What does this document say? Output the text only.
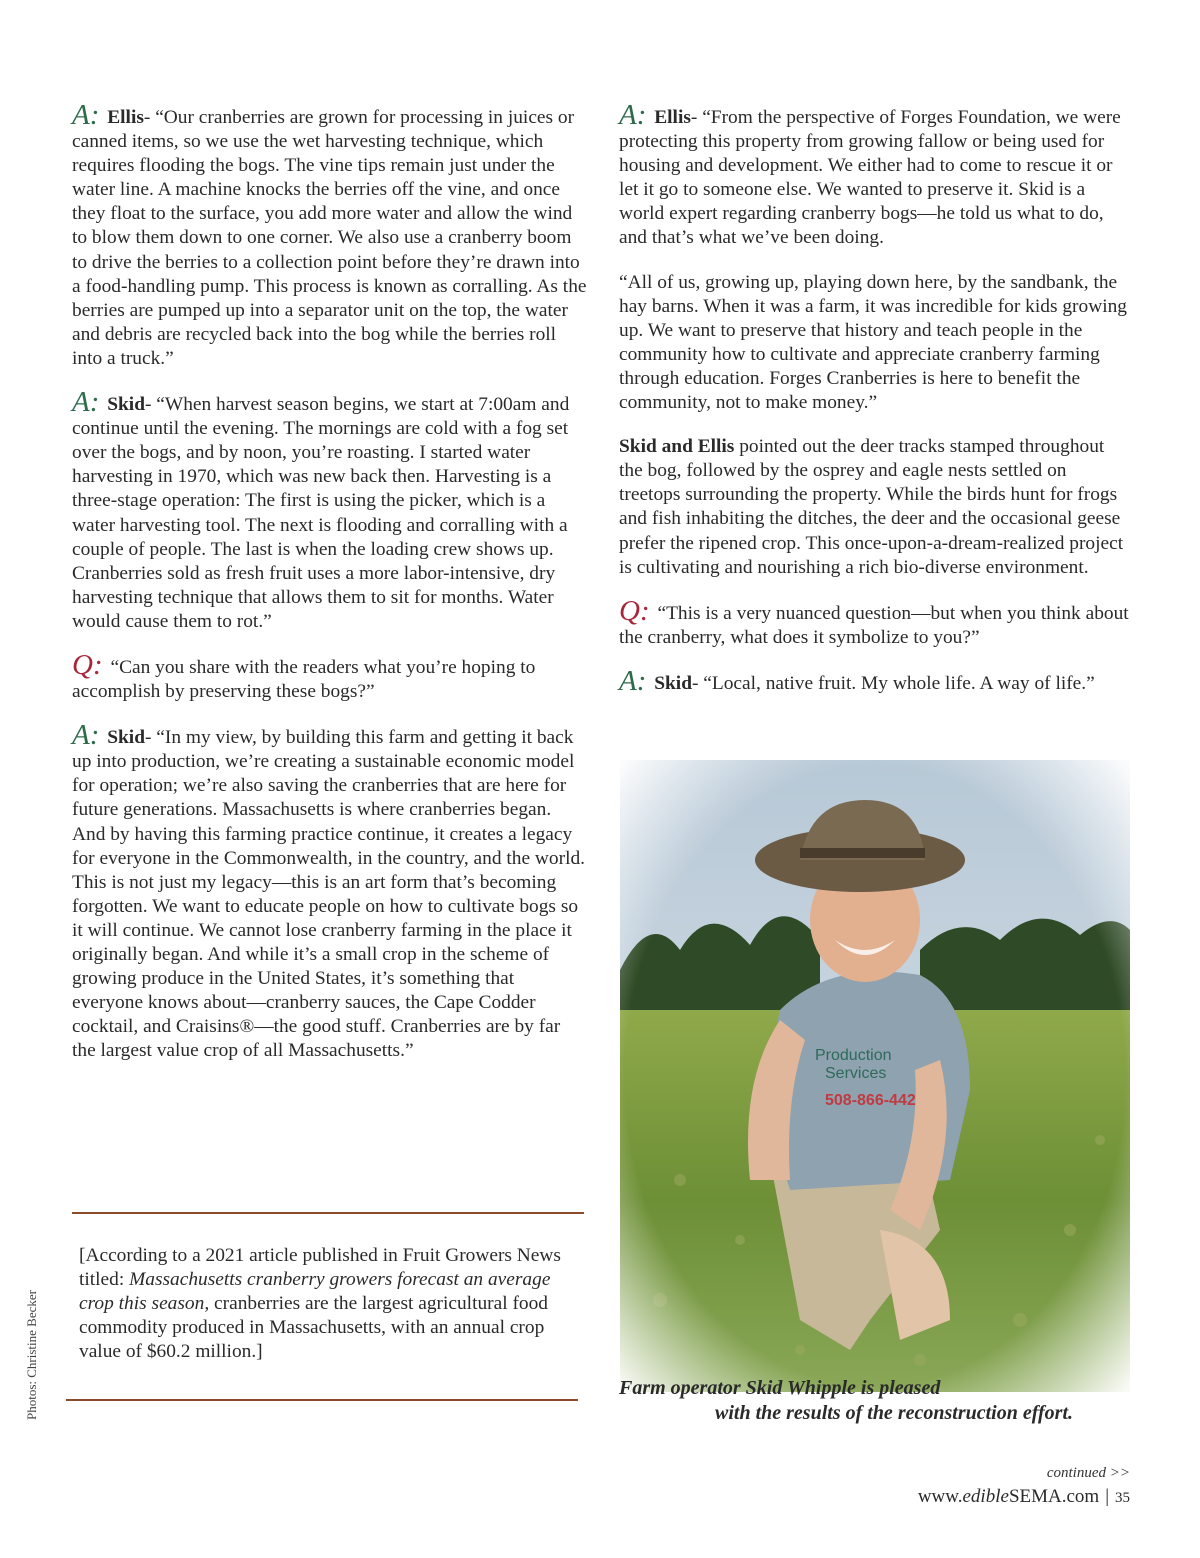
A: Ellis- “Our cranberries are grown for processing in juices or canned items, so we use the wet harvesting technique, which requires flooding the bogs. The vine tips remain just under the water line. A machine knocks the berries off the vine, and once they float to the surface, you add more water and allow the wind to blow them down to one corner. We also use a cranberry boom to drive the berries to a collection point before they’re drawn into a food-handling pump. This process is known as corralling. As the berries are pumped up into a separator unit on the top, the water and debris are recycled back into the bog while the berries roll into a truck.”

A: Skid- “When harvest season begins, we start at 7:00am and continue until the evening. The mornings are cold with a fog set over the bogs, and by noon, you’re roasting. I started water harvesting in 1970, which was new back then. Harvesting is a three-stage operation: The first is using the picker, which is a water harvesting tool. The next is flooding and corralling with a couple of people. The last is when the loading crew shows up. Cranberries sold as fresh fruit uses a more labor-intensive, dry harvesting technique that allows them to sit for months. Water would cause them to rot.”

Q: “Can you share with the readers what you’re hoping to accomplish by preserving these bogs?”

A: Skid- “In my view, by building this farm and getting it back up into production, we’re creating a sustainable economic model for operation; we’re also saving the cranberries that are here for future generations. Massachusetts is where cranberries began. And by having this farming practice continue, it creates a legacy for everyone in the Commonwealth, in the country, and the world. This is not just my legacy—this is an art form that’s becoming forgotten. We want to educate people on how to cultivate bogs so it will continue. We cannot lose cranberry farming in the place it originally began. And while it’s a small crop in the scheme of growing produce in the United States, it’s something that everyone knows about—cranberry sauces, the Cape Codder cocktail, and Craisins®—the good stuff. Cranberries are by far the largest value crop of all Massachusetts.”

[According to a 2021 article published in Fruit Growers News titled: Massachusetts cranberry growers forecast an average crop this season, cranberries are the largest agricultural food commodity produced in Massachusetts, with an annual crop value of $60.2 million.]
Photos: Christine Becker

A: Ellis- “From the perspective of Forges Foundation, we were protecting this property from growing fallow or being used for housing and development. We either had to come to rescue it or let it go to someone else. We wanted to preserve it. Skid is a world expert regarding cranberry bogs—he told us what to do, and that’s what we’ve been doing.

“All of us, growing up, playing down here, by the sandbank, the hay barns. When it was a farm, it was incredible for kids growing up. We want to preserve that history and teach people in the community how to cultivate and appreciate cranberry farming through education. Forges Cranberries is here to benefit the community, not to make money.”

Skid and Ellis pointed out the deer tracks stamped throughout the bog, followed by the osprey and eagle nests settled on treetops surrounding the property. While the birds hunt for frogs and fish inhabiting the ditches, the deer and the occasional geese prefer the ripened crop. This once-upon-a-dream-realized project is cultivating and nourishing a rich bio-diverse environment.

Q: “This is a very nuanced question—but when you think about the cranberry, what does it symbolize to you?”

A: Skid- “Local, native fruit. My whole life. A way of life.”

Farm operator Skid Whipple is pleased
with the results of the reconstruction effort.
continued >>
www.edibleSEMA.com | 35
